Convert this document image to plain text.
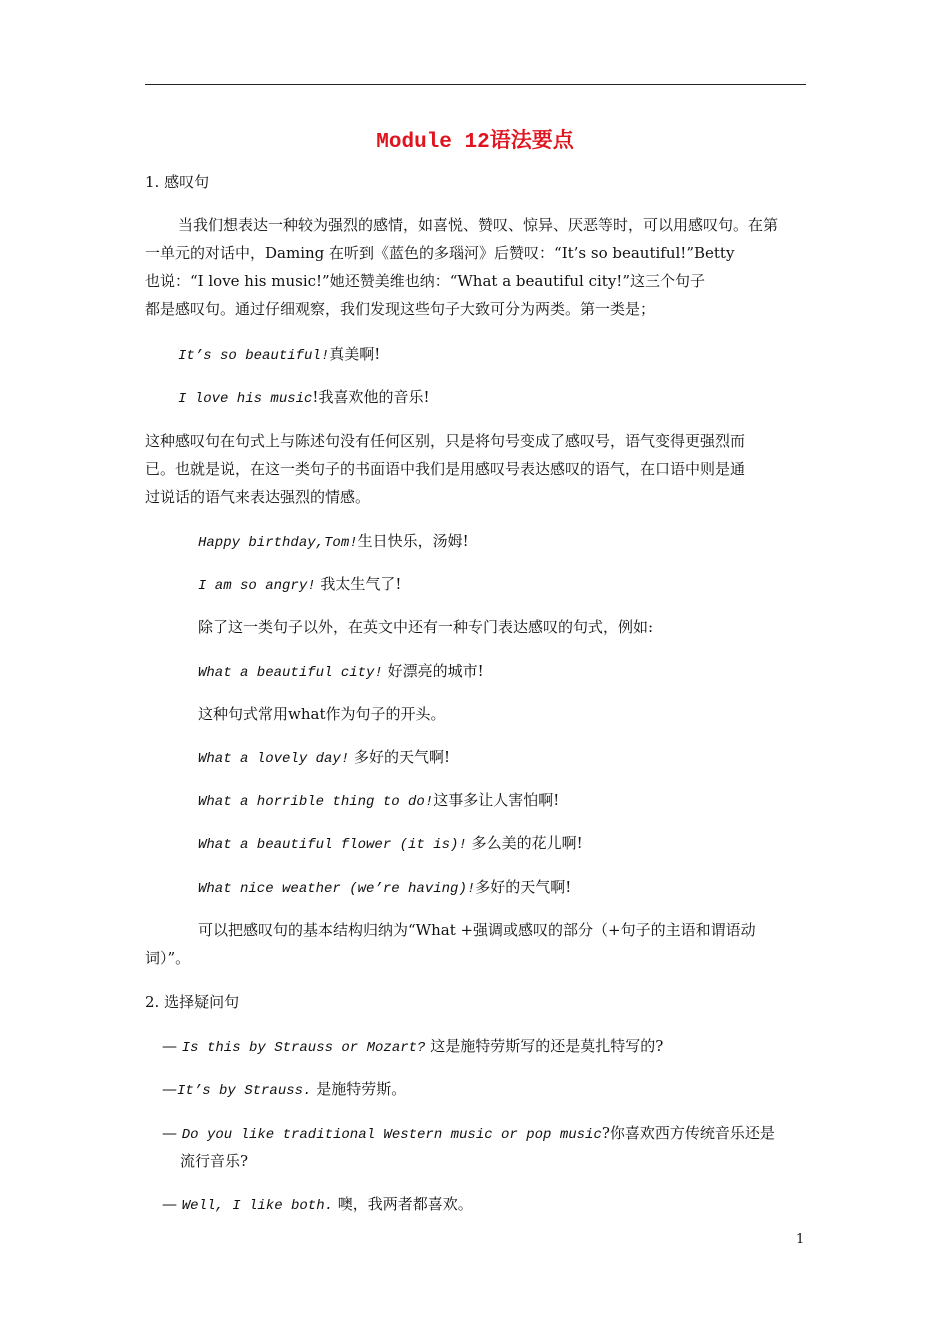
Module 12语法要点
1. 感叹句
当我们想表达一种较为强烈的感情，如喜悦、赞叹、惊异、厌恶等时，可以用感叹句。在第
一单元的对话中，Daming 在听到《蓝色的多瑙河》后赞叹：“It’s so beautiful!”Betty
也说：“I love his music!”她还赞美维也纳：“What a beautiful city!”这三个句子
都是感叹句。通过仔细观察，我们发现这些句子大致可分为两类。第一类是；
It’s so beautiful!真美啊!
I love his music!我喜欢他的音乐!
这种感叹句在句式上与陈述句没有任何区别，只是将句号变成了感叹号，语气变得更强烈而
已。也就是说，在这一类句子的书面语中我们是用感叹号表达感叹的语气，在口语中则是通
过说话的语气来表达强烈的情感。
Happy birthday,Tom!生日快乐，汤姆!
I am so angry! 我太生气了!
除了这一类句子以外，在英文中还有一种专门表达感叹的句式，例如:
What a beautiful city! 好漂亮的城市!
这种句式常用what作为句子的开头。
What a lovely day! 多好的天气啊!
What a horrible thing to do!这事多让人害怕啊!
What a beautiful flower (it is)! 多么美的花儿啊!
What nice weather (we’re having)!多好的天气啊!
可以把感叹句的基本结构归纳为“What +强调或感叹的部分（+句子的主语和谓语动
词）”。
2. 选择疑问句
— Is this by Strauss or Mozart? 这是施特劳斯写的还是莫扎特写的?
—It’s by Strauss. 是施特劳斯。
— Do you like traditional Western music or pop music?你喜欢西方传统音乐还是
流行音乐?
— Well, I like both. 噢，我两者都喜欢。
1
